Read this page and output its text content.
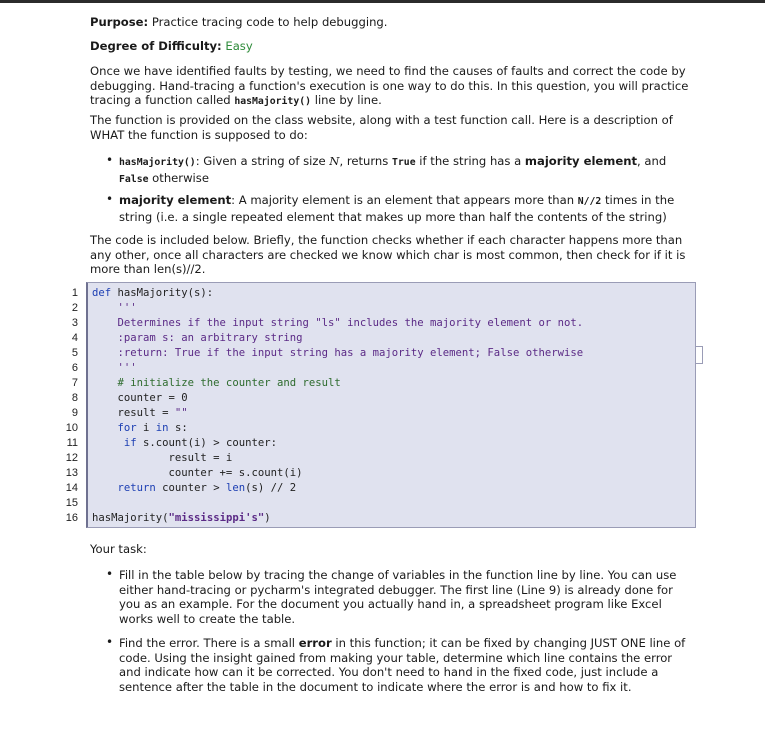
Purpose: Practice tracing code to help debugging.

Degree of Difficulty: Easy

Once we have identified faults by testing, we need to find the causes of faults and correct the code by debugging. Hand-tracing a function's execution is one way to do this. In this question, you will practice tracing a function called hasMajority() line by line.

The function is provided on the class website, along with a test function call. Here is a description of WHAT the function is supposed to do:

• hasMajority(): Given a string of size N, returns True if the string has a majority element, and False otherwise

• majority element: A majority element is an element that appears more than N//2 times in the string (i.e. a single repeated element that makes up more than half the contents of the string)

The code is included below. Briefly, the function checks whether if each character happens more than any other, once all characters are checked we know which char is most common, then check for if it is more than len(s)//2.

1
2
3
4
5
6
7
8
9
10
11
12
13
14
15
16
def hasMajority(s):
'''
Determines if the input string "ls" includes the majority element or not.
:param s: an arbitrary string
:return: True if the input string has a majority element; False otherwise
'''
# initialize the counter and result
counter = 0
result = ""
for i in s:
if s.count(i) > counter:
result = i
counter += s.count(i)
return counter > len(s) // 2
hasMajority("mississippi's")

Your task:

• Fill in the table below by tracing the change of variables in the function line by line. You can use either hand-tracing or pycharm's integrated debugger. The first line (Line 9) is already done for you as an example. For the document you actually hand in, a spreadsheet program like Excel works well to create the table.

• Find the error. There is a small error in this function; it can be fixed by changing JUST ONE line of code. Using the insight gained from making your table, determine which line contains the error and indicate how can it be corrected. You don't need to hand in the fixed code, just include a sentence after the table in the document to indicate where the error is and how to fix it.
